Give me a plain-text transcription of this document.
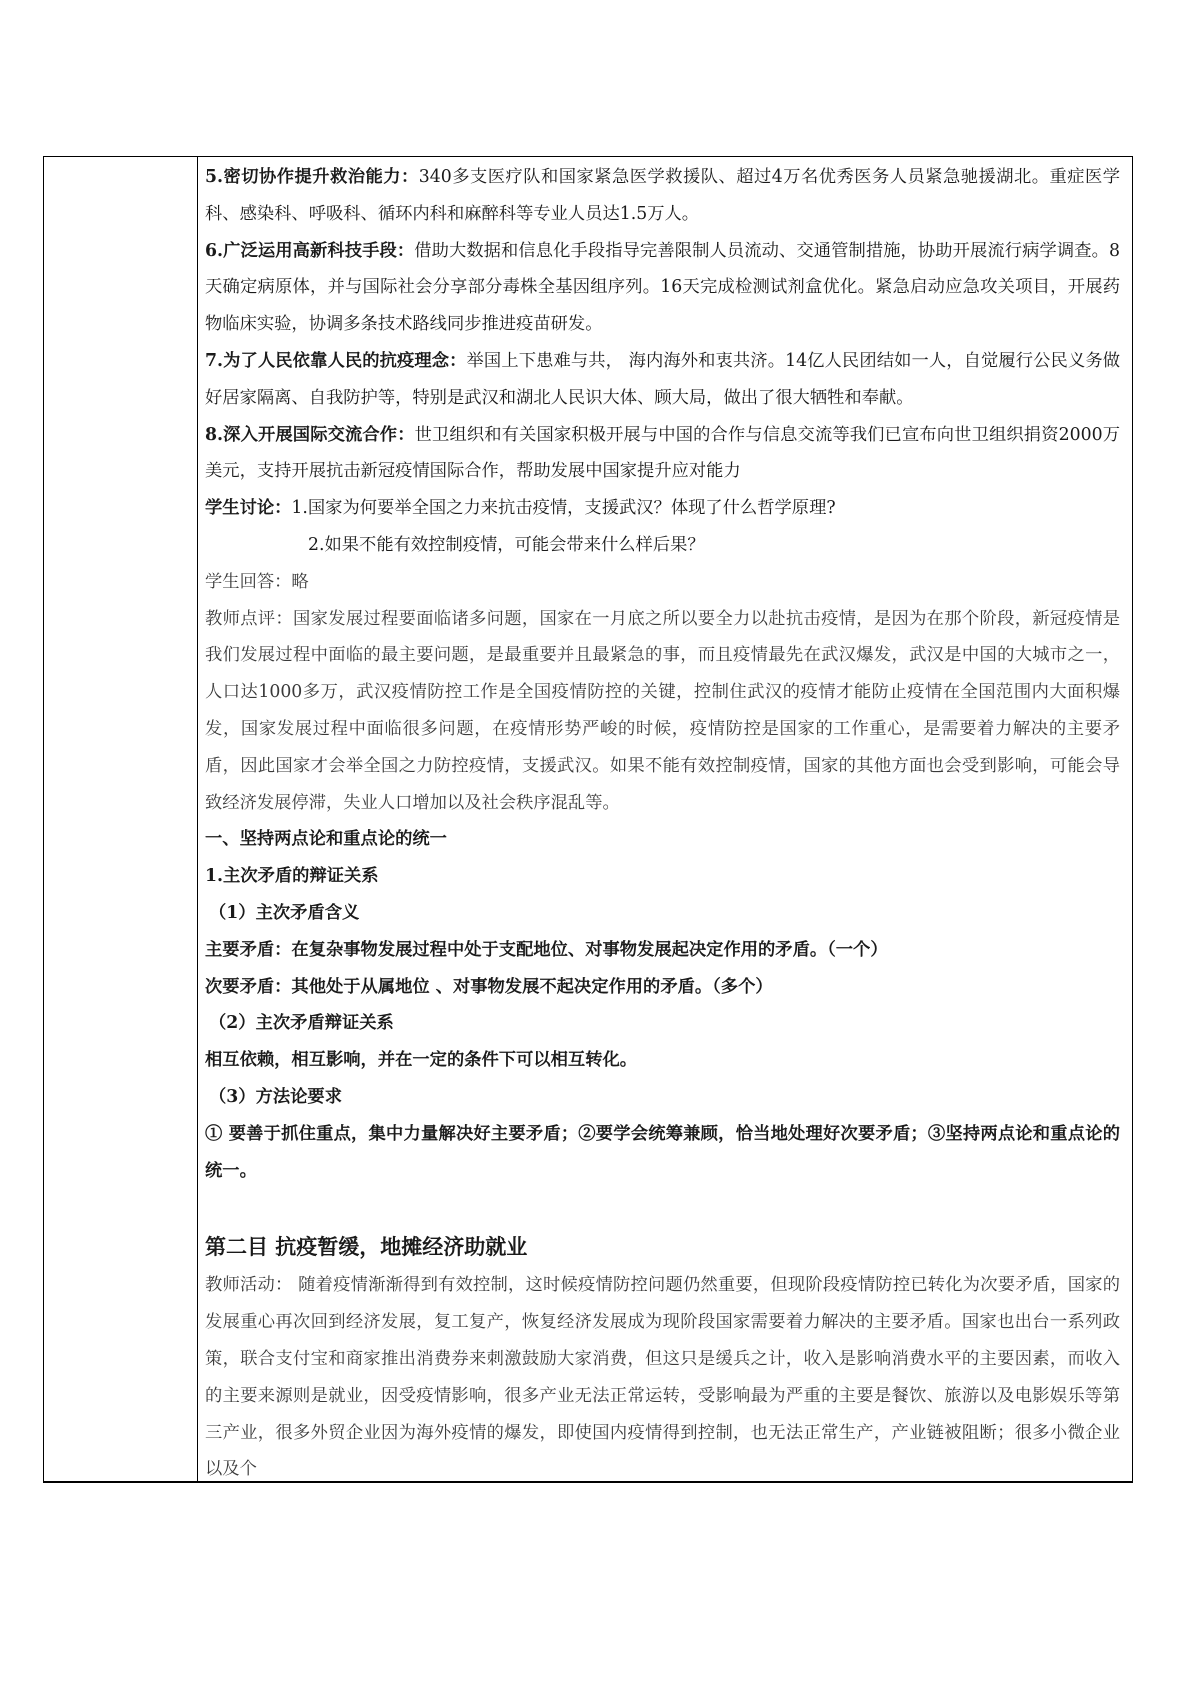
5.密切协作提升救治能力：340多支医疗队和国家紧急医学救援队、超过4万名优秀医务人员紧急驰援湖北。重症医学科、感染科、呼吸科、循环内科和麻醉科等专业人员达1.5万人。

6.广泛运用高新科技手段：借助大数据和信息化手段指导完善限制人员流动、交通管制措施，协助开展流行病学调查。8天确定病原体，并与国际社会分享部分毒株全基因组序列。16天完成检测试剂盒优化。紧急启动应急攻关项目，开展药物临床实验，协调多条技术路线同步推进疫苗研发。

7.为了人民依靠人民的抗疫理念：举国上下患难与共， 海内海外和衷共济。14亿人民团结如一人，自觉履行公民义务做好居家隔离、自我防护等，特别是武汉和湖北人民识大体、顾大局，做出了很大牺牲和奉献。

8.深入开展国际交流合作：世卫组织和有关国家积极开展与中国的合作与信息交流等我们已宣布向世卫组织捐资2000万美元，支持开展抗击新冠疫情国际合作，帮助发展中国家提升应对能力

学生讨论：1.国家为何要举全国之力来抗击疫情，支援武汉？体现了什么哲学原理?

2.如果不能有效控制疫情，可能会带来什么样后果？

学生回答：略

教师点评：国家发展过程要面临诸多问题，国家在一月底之所以要全力以赴抗击疫情，是因为在那个阶段，新冠疫情是我们发展过程中面临的最主要问题，是最重要并且最紧急的事，而且疫情最先在武汉爆发，武汉是中国的大城市之一，人口达1000多万，武汉疫情防控工作是全国疫情防控的关键，控制住武汉的疫情才能防止疫情在全国范围内大面积爆发，国家发展过程中面临很多问题，在疫情形势严峻的时候，疫情防控是国家的工作重心，是需要着力解决的主要矛盾，因此国家才会举全国之力防控疫情，支援武汉。如果不能有效控制疫情，国家的其他方面也会受到影响，可能会导致经济发展停滞，失业人口增加以及社会秩序混乱等。

一、坚持两点论和重点论的统一

1.主次矛盾的辩证关系

（1）主次矛盾含义

主要矛盾：在复杂事物发展过程中处于支配地位、对事物发展起决定作用的矛盾。（一个）

次要矛盾：其他处于从属地位 、对事物发展不起决定作用的矛盾。（多个）

（2）主次矛盾辩证关系

相互依赖，相互影响，并在一定的条件下可以相互转化。

（3）方法论要求

① 要善于抓住重点，集中力量解决好主要矛盾；②要学会统筹兼顾，恰当地处理好次要矛盾；③坚持两点论和重点论的统一。

第二目 抗疫暂缓，地摊经济助就业

教师活动： 随着疫情渐渐得到有效控制，这时候疫情防控问题仍然重要，但现阶段疫情防控已转化为次要矛盾，国家的发展重心再次回到经济发展，复工复产，恢复经济发展成为现阶段国家需要着力解决的主要矛盾。国家也出台一系列政策，联合支付宝和商家推出消费券来刺激鼓励大家消费，但这只是缓兵之计，收入是影响消费水平的主要因素，而收入的主要来源则是就业，因受疫情影响，很多产业无法正常运转，受影响最为严重的主要是餐饮、旅游以及电影娱乐等第三产业，很多外贸企业因为海外疫情的爆发，即使国内疫情得到控制，也无法正常生产，产业链被阻断；很多小微企业以及个
